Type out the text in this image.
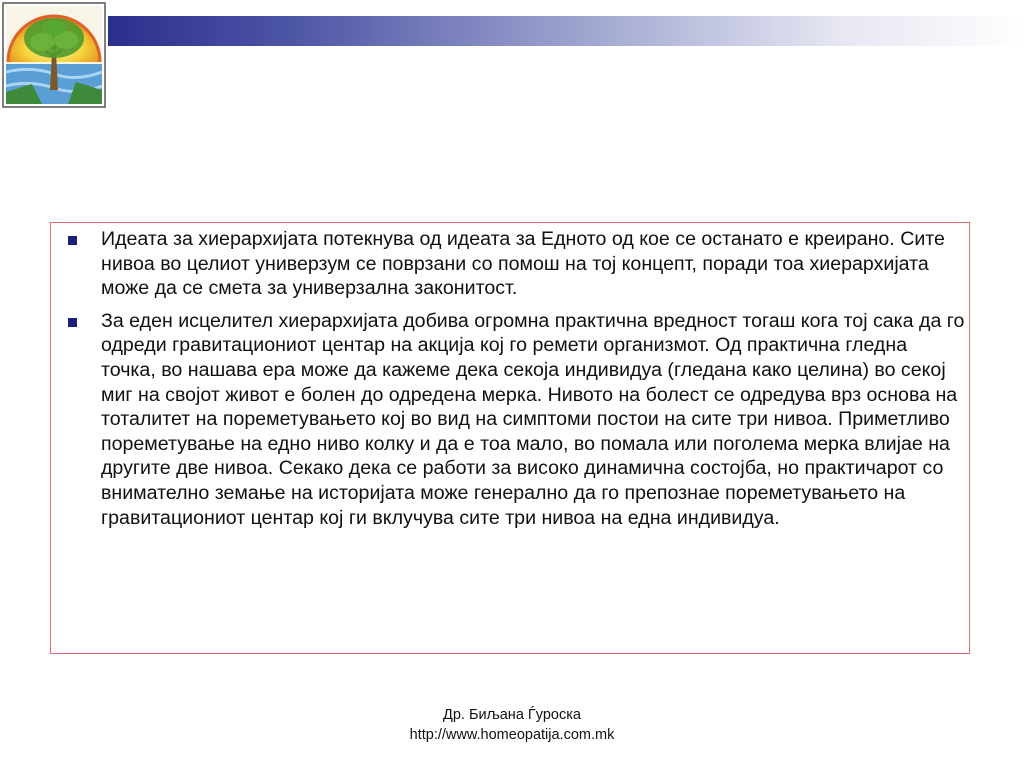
Идеата за хиерархијата потекнува од идеата за Едното од кое се останато е креирано. Сите нивоа во целиот универзум се поврзани со помош на тој концепт, поради тоа хиерархијата може да се смета за универзална законитост.
За еден исцелител хиерархијата добива огромна практична вредност тогаш кога тој сака да го одреди гравитациониот центар на акција кој го ремети организмот. Од практична гледна точка, во нашава ера може да кажеме дека секоја индивидуа (гледана како целина) во секој миг на својот живот е болен до одредена мерка. Нивото на болест се одредува врз основа на тоталитет на пореметувањето кој во вид на симптоми постои на сите три нивоа. Приметливо пореметување на едно ниво колку и да е тоа мало, во помала или поголема мерка влијае на другите две нивоа. Секако дека се работи за високо динамична состојба, но практичарот со внимателно земање на историјата може генерално да го препознае пореметувањето на гравитациониот центар кој ги вклучува сите три нивоа на една индивидуа.
Др. Биљана Ѓуроска
http://www.homeopatija.com.mk
